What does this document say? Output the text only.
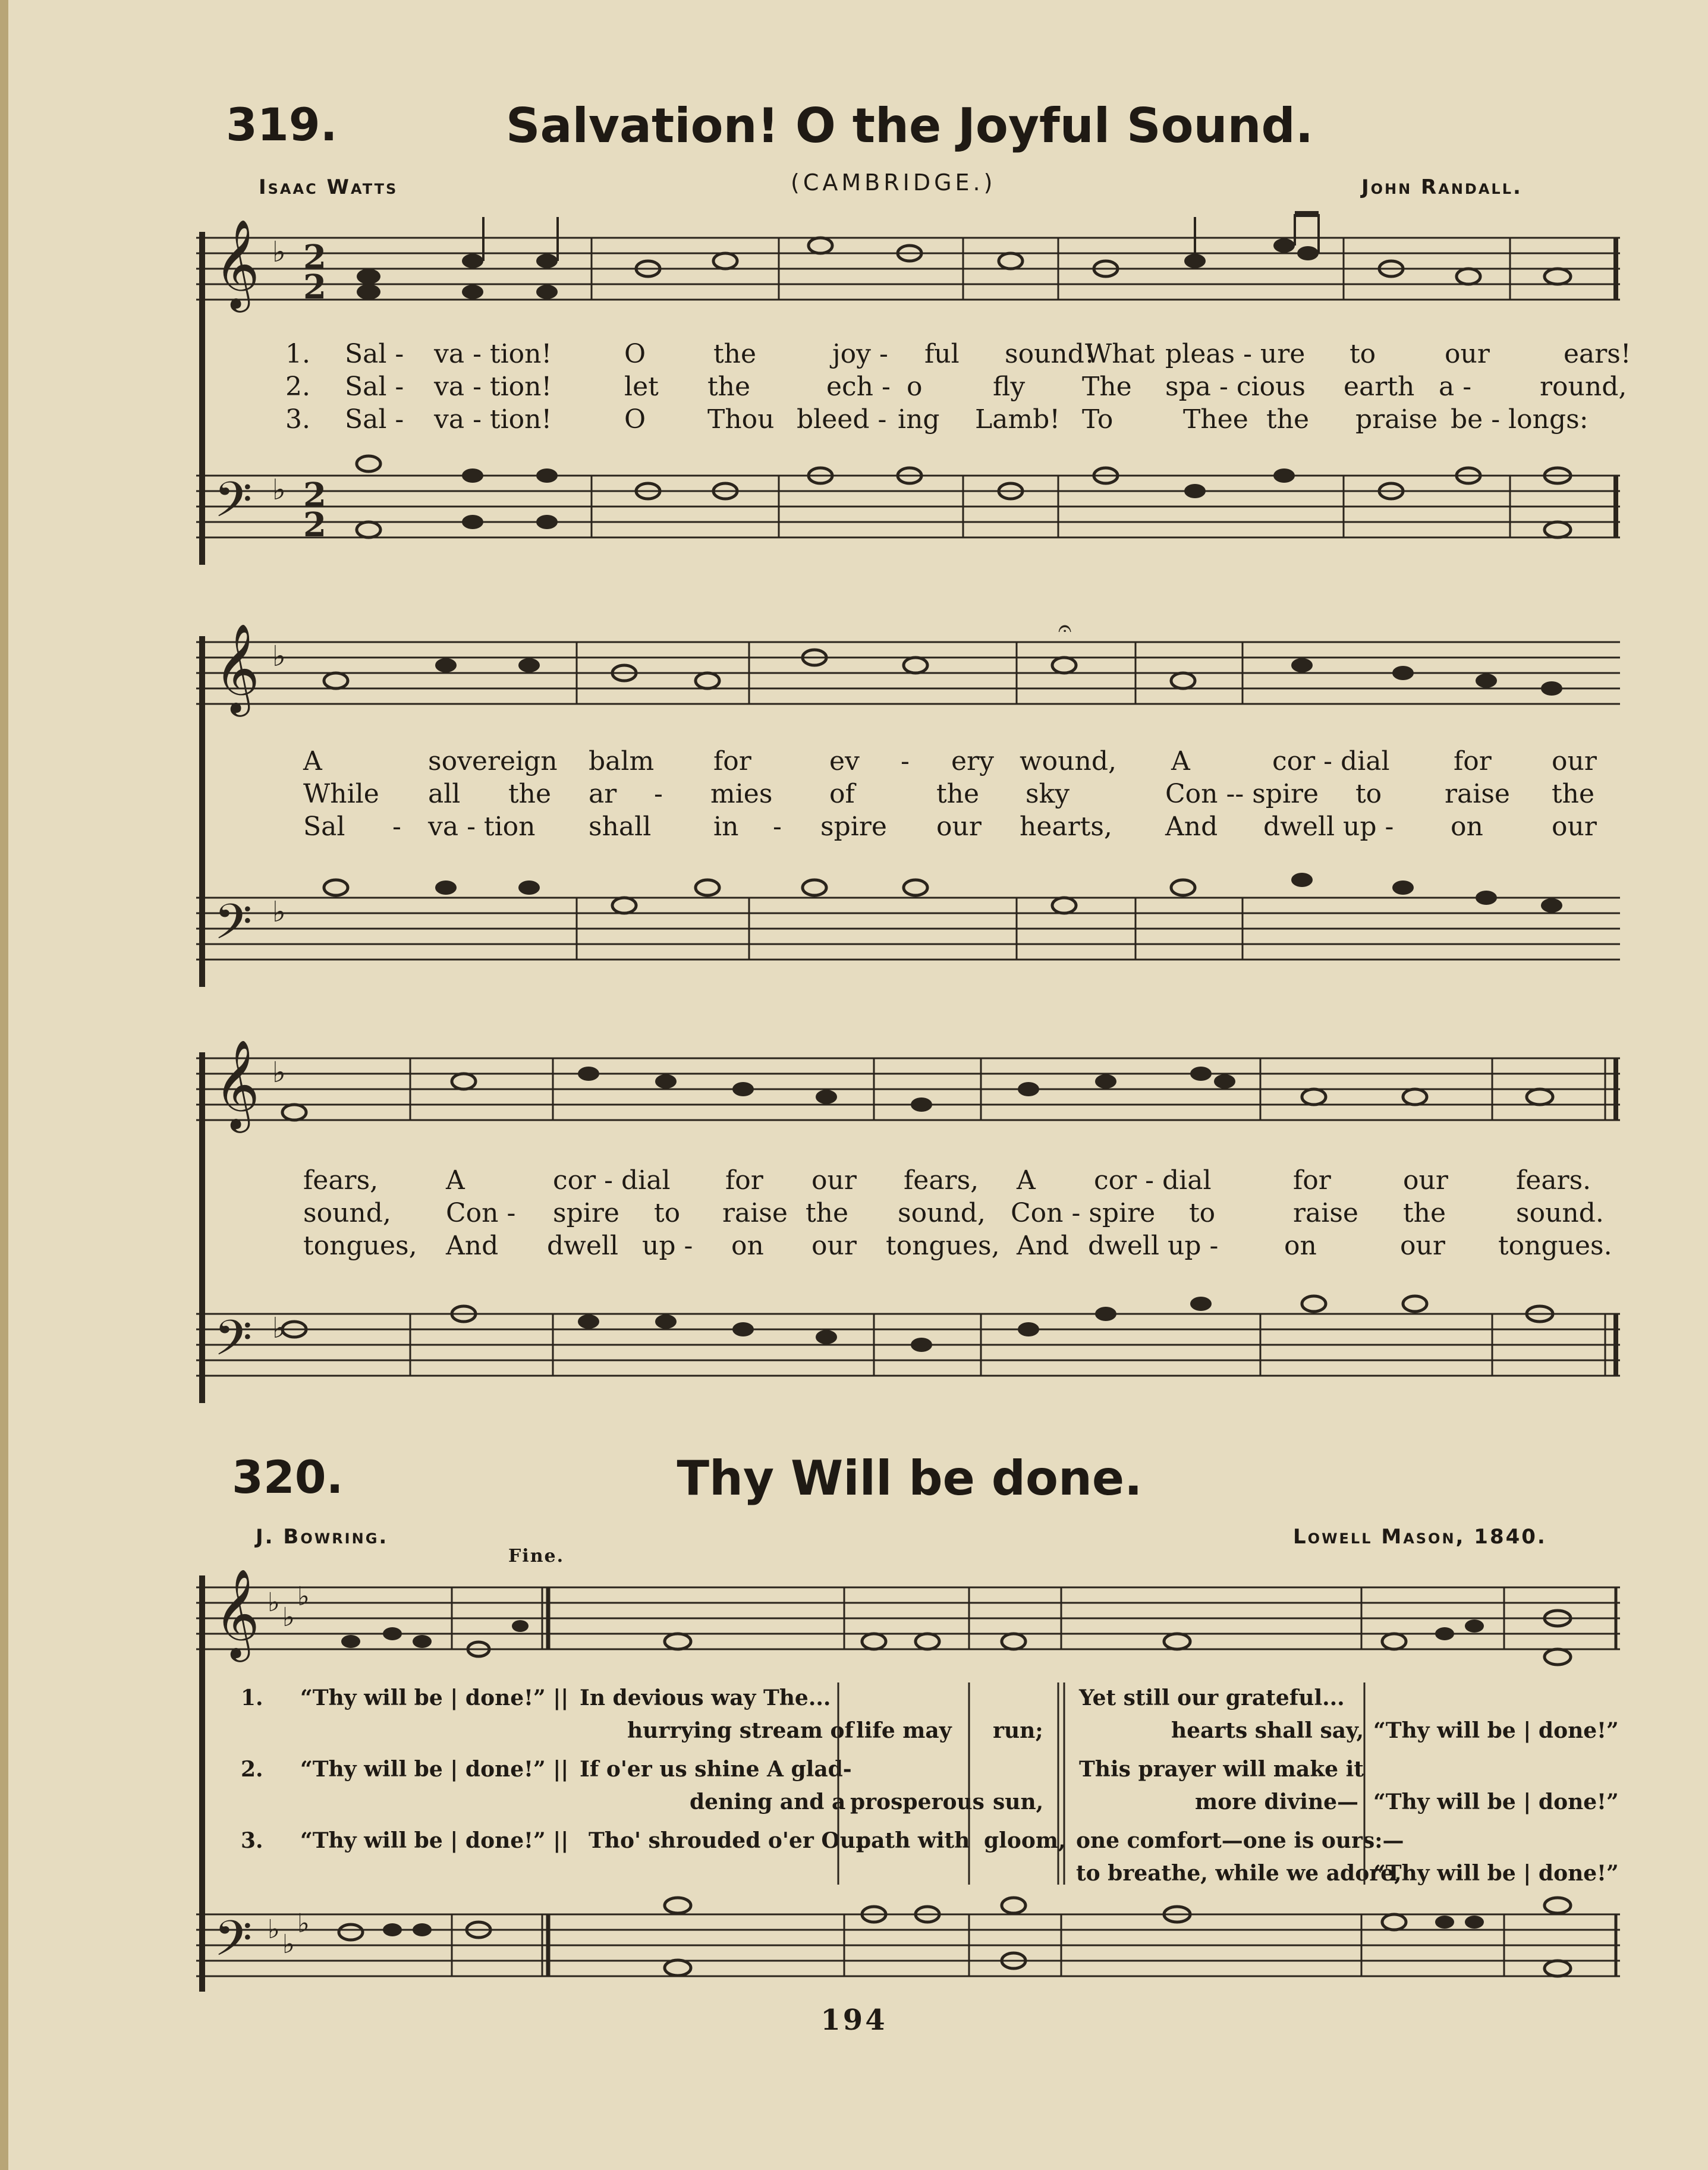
319.	Salvation! O the Joyful Sound.
Isaac Watts	(CAMBRIDGE.)	John Randall.
𝄞
𝄢
2
2
2
2
♭
♭
1.
2.
3.
Sal - va - tion!	O	the	joy - ful sound!
What pleas - ure to	our	ears!
Sal - va - tion!	let the	ech - o	fly The spa - cious earth a -	round,
Sal - va - tion!	O Thou bleed - ing Lamb! To	Thee the praise be - longs:
𝄞
𝄢
♭
♭
𝄐
A	sovereign balm for	ev - ery wound, A	cor - dial for our
While all the ar - mies of	the sky	Con -- spire to raise the
Sal - va - tion shall in - spire our hearts, And dwell up - on	our
𝄞
𝄢
♭
♭
fears,	A	cor - dial for our fears, A cor - dial	for	our	fears.
sound, Con - spire to raise the sound, Con - spire to	raise the	sound.
tongues, And dwell up - on our tongues, And dwell up -	on	our tongues.
320.	Thy Will be done.
J. Bowring.	Lowell Mason, 1840.
Fine.
𝄞
𝄢
♭ ♭
♭
♭ ♭
♭
1. “Thy will be | done!” || In devious way The...
hurrying stream of life may run;
Yet still our grateful...
hearts shall say, “Thy will be | done!”
2. “Thy will be | done!” || If o'er us shine A glad-
dening and a prosperous sun,
This prayer will make it
more divine— “Thy will be | done!”
3. “Thy will be | done!” || Tho' shrouded o'er Our
path with gloom, one comfort—one is ours:—
to breathe, while we adore,
“Thy will be | done!”
194
